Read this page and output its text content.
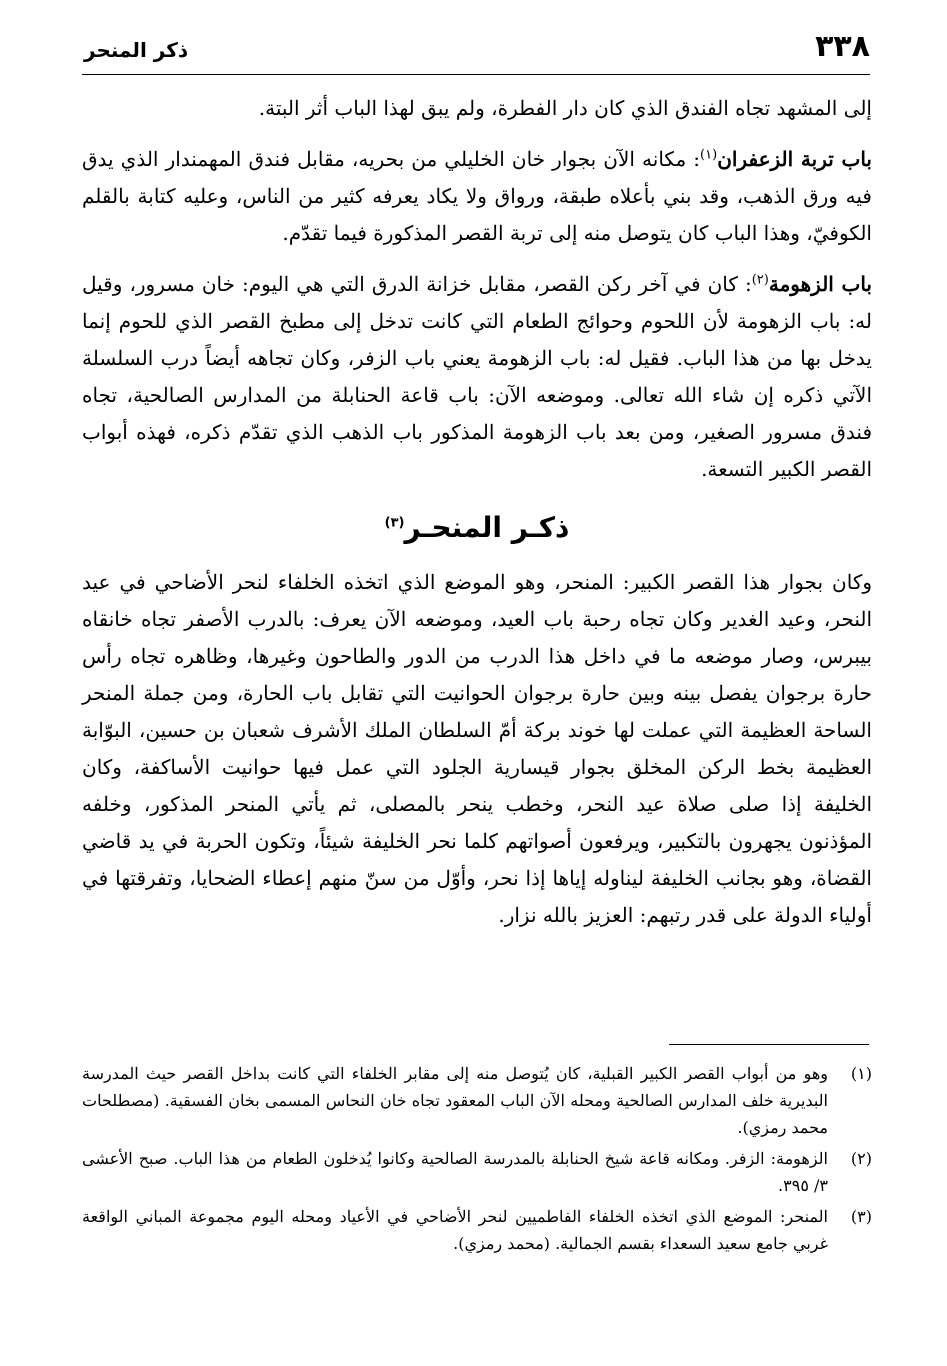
٣٣٨
ذكر المنحر

إلى المشهد تجاه الفندق الذي كان دار الفطرة، ولم يبق لهذا الباب أثر البتة.

باب تربة الزعفران$^{(١)}$: مكانه الآن بجوار خان الخليلي من بحريه، مقابل فندق المهمندار الذي يدق فيه ورق الذهب، وقد بني بأعلاه طبقة، ورواق ولا يكاد يعرفه كثير من الناس، وعليه كتابة بالقلم الكوفيّ، وهذا الباب كان يتوصل منه إلى تربة القصر المذكورة فيما تقدّم.

باب الزهومة$^{(٢)}$: كان في آخر ركن القصر، مقابل خزانة الدرق التي هي اليوم: خان مسرور، وقيل له: باب الزهومة لأن اللحوم وحوائج الطعام التي كانت تدخل إلى مطبخ القصر الذي للحوم إنما يدخل بها من هذا الباب. فقيل له: باب الزهومة يعني باب الزفر، وكان تجاهه أيضاً درب السلسلة الآتي ذكره إن شاء الله تعالى. وموضعه الآن: باب قاعة الحنابلة من المدارس الصالحية، تجاه فندق مسرور الصغير، ومن بعد باب الزهومة المذكور باب الذهب الذي تقدّم ذكره، فهذه أبواب القصر الكبير التسعة.

ذكـر المنحـر$^{(٣)}$

وكان بجوار هذا القصر الكبير: المنحر، وهو الموضع الذي اتخذه الخلفاء لنحر الأضاحي في عيد النحر، وعيد الغدير وكان تجاه رحبة باب العيد، وموضعه الآن يعرف: بالدرب الأصفر تجاه خانقاه بيبرس، وصار موضعه ما في داخل هذا الدرب من الدور والطاحون وغيرها، وظاهره تجاه رأس حارة برجوان يفصل بينه وبين حارة برجوان الحوانيت التي تقابل باب الحارة، ومن جملة المنحر الساحة العظيمة التي عملت لها خوند بركة أمّ السلطان الملك الأشرف شعبان بن حسين، البوّابة العظيمة بخط الركن المخلق بجوار قيسارية الجلود التي عمل فيها حوانيت الأساكفة، وكان الخليفة إذا صلى صلاة عيد النحر، وخطب ينحر بالمصلى، ثم يأتي المنحر المذكور، وخلفه المؤذنون يجهرون بالتكبير، ويرفعون أصواتهم كلما نحر الخليفة شيئاً، وتكون الحربة في يد قاضي القضاة، وهو بجانب الخليفة ليناوله إياها إذا نحر، وأوّل من سنّ منهم إعطاء الضحايا، وتفرقتها في أولياء الدولة على قدر رتبهم: العزيز بالله نزار.

(١)
وهو من أبواب القصر الكبير القبلية، كان يُتوصل منه إلى مقابر الخلفاء التي كانت بداخل القصر حيث المدرسة البديرية خلف المدارس الصالحية ومحله الآن الباب المعقود تجاه خان النحاس المسمى بخان الفسقية. (مصطلحات محمد رمزي).
(٢)
الزهومة: الزفر. ومكانه قاعة شيخ الحنابلة بالمدرسة الصالحية وكانوا يُدخلون الطعام من هذا الباب. صبح الأعشى ٣/ ٣٩٥.
(٣)
المنحر: الموضع الذي اتخذه الخلفاء الفاطميين لنحر الأضاحي في الأعياد ومحله اليوم مجموعة المباني الواقعة غربي جامع سعيد السعداء بقسم الجمالية. (محمد رمزي).
